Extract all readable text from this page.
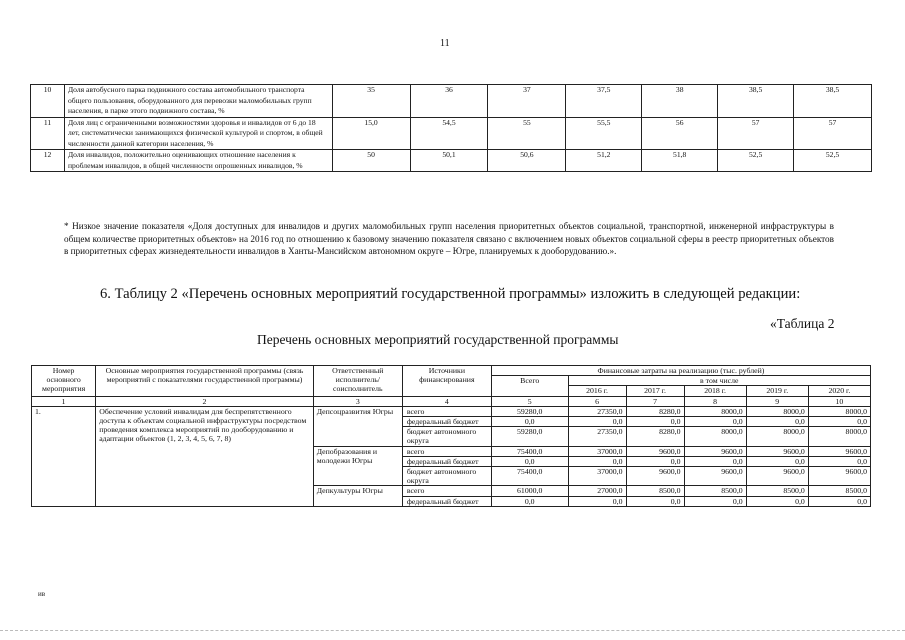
11
10	Доля автобусного парка подвижного состава автомобильного транспорта общего пользования, оборудованного для перевозки маломобильных групп населения, в парке этого подвижного состава, %	35	36	37	37,5	38	38,5	38,5
11	Доля лиц с ограниченными возможностями здоровья и инвалидов от 6 до 18 лет, систематически занимающихся физической культурой и спортом, в общей численности данной категории населения, %	15,0	54,5	55	55,5	56	57	57
12	Доля инвалидов, положительно оценивающих отношение населения к проблемам инвалидов, в общей численности опрошенных инвалидов, %	50	50,1	50,6	51,2	51,8	52,5	52,5
* Низкое значение показателя «Доля доступных для инвалидов и других маломобильных групп населения приоритетных объектов социальной, транспортной, инженерной инфраструктуры в общем количестве приоритетных объектов» на 2016 год по отношению к базовому значению показателя связано с включением новых объектов социальной сферы в реестр приоритетных объектов в приоритетных сферах жизнедеятельности инвалидов в Ханты-Мансийском автономном округе – Югре, планируемых к дооборудованию.».
6. Таблицу 2 «Перечень основных мероприятий государственной программы» изложить в следующей редакции:
«Таблица 2
Перечень основных мероприятий государственной программы
Номер основного мероприятия	Основные мероприятия государственной программы (связь мероприятий с показателями государственной программы)	Ответственный исполнитель/соисполнитель	Источники финансирования	Финансовые затраты на реализацию (тыс. рублей)					
				Всего	в том числе				
					2016 г.	2017 г.	2018 г.	2019 г.	2020 г.
1	2	3	4	5	6	7	8	9	10
1.	Обеспечение условий инвалидам для беспрепятственного доступа к объектам социальной инфраструктуры посредством проведения комплекса мероприятий по дооборудованию и адаптации объектов (1, 2, 3, 4, 5, 6, 7, 8)	Депсоцразвития Югры	всего	59280,0	27350,0	8280,0	8000,0	8000,0	8000,0
			федеральный бюджет	0,0	0,0	0,0	0,0	0,0	0,0
			бюджет автономного округа	59280,0	27350,0	8280,0	8000,0	8000,0	8000,0
		Депобразования и молодежи Югры	всего	75400,0	37000,0	9600,0	9600,0	9600,0	9600,0
			федеральный бюджет	0,0	0,0	0,0	0,0	0,0	0,0
			бюджет автономного округа	75400,0	37000,0	9600,0	9600,0	9600,0	9600,0
		Депкультуры Югры	всего	61000,0	27000,0	8500,0	8500,0	8500,0	8500,0
			федеральный бюджет	0,0	0,0	0,0	0,0	0,0	0,0
ив
